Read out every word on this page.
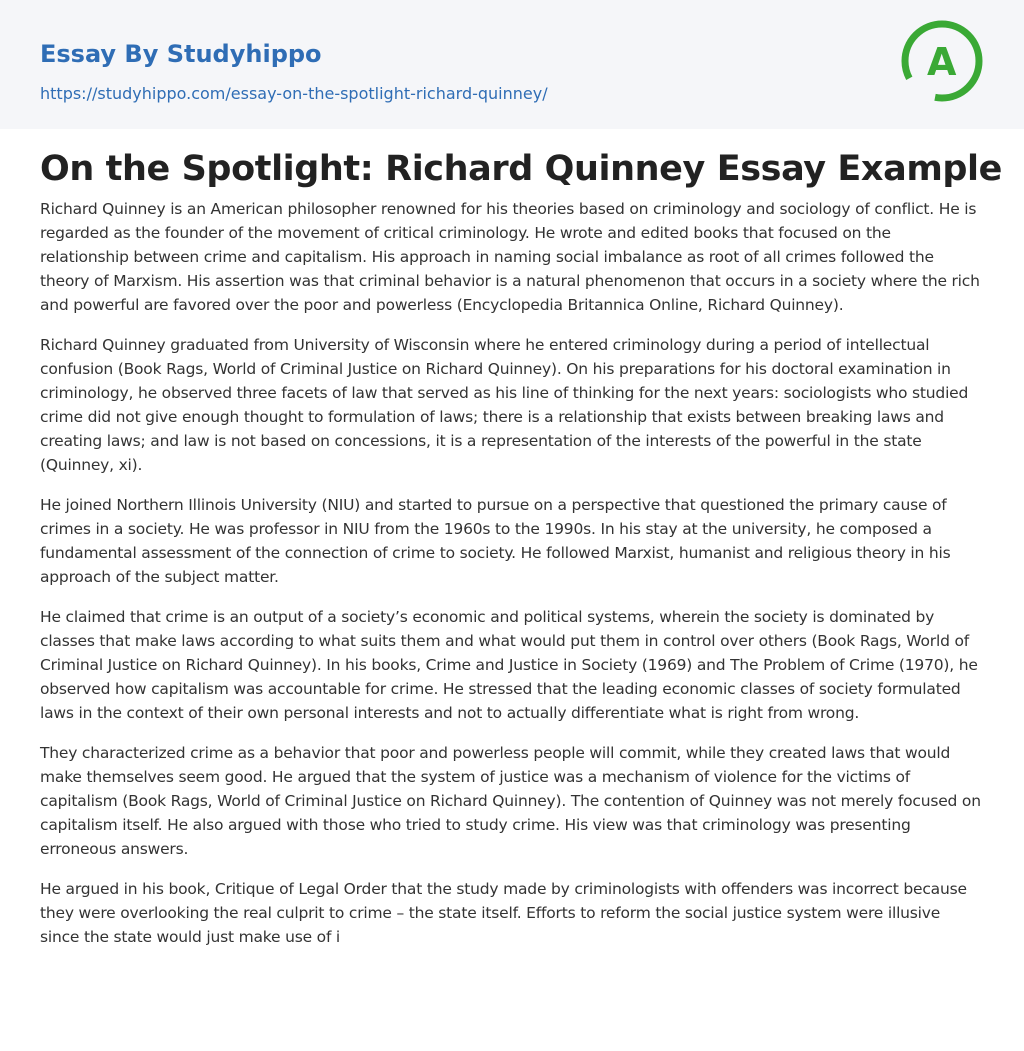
Essay By Studyhippo
https://studyhippo.com/essay-on-the-spotlight-richard-quinney/
A
On the Spotlight: Richard Quinney Essay Example

Richard Quinney is an American philosopher renowned for his theories based on criminology and sociology of conflict. He is regarded as the founder of the movement of critical criminology. He wrote and edited books that focused on the relationship between crime and capitalism. His approach in naming social imbalance as root of all crimes followed the theory of Marxism. His assertion was that criminal behavior is a natural phenomenon that occurs in a society where the rich and powerful are favored over the poor and powerless (Encyclopedia Britannica Online, Richard Quinney).

Richard Quinney graduated from University of Wisconsin where he entered criminology during a period of intellectual confusion (Book Rags, World of Criminal Justice on Richard Quinney). On his preparations for his doctoral examination in criminology, he observed three facets of law that served as his line of thinking for the next years: sociologists who studied crime did not give enough thought to formulation of laws; there is a relationship that exists between breaking laws and creating laws; and law is not based on concessions, it is a representation of the interests of the powerful in the state (Quinney, xi).

He joined Northern Illinois University (NIU) and started to pursue on a perspective that questioned the primary cause of crimes in a society. He was professor in NIU from the 1960s to the 1990s. In his stay at the university, he composed a fundamental assessment of the connection of crime to society. He followed Marxist, humanist and religious theory in his approach of the subject matter.

He claimed that crime is an output of a society’s economic and political systems, wherein the society is dominated by classes that make laws according to what suits them and what would put them in control over others (Book Rags, World of Criminal Justice on Richard Quinney). In his books, Crime and Justice in Society (1969) and The Problem of Crime (1970), he observed how capitalism was accountable for crime. He stressed that the leading economic classes of society formulated laws in the context of their own personal interests and not to actually differentiate what is right from wrong.

They characterized crime as a behavior that poor and powerless people will commit, while they created laws that would make themselves seem good. He argued that the system of justice was a mechanism of violence for the victims of capitalism (Book Rags, World of Criminal Justice on Richard Quinney). The contention of Quinney was not merely focused on capitalism itself. He also argued with those who tried to study crime. His view was that criminology was presenting erroneous answers.

He argued in his book, Critique of Legal Order that the study made by criminologists with offenders was incorrect because they were overlooking the real culprit to crime – the state itself. Efforts to reform the social justice system were illusive since the state would just make use of i
